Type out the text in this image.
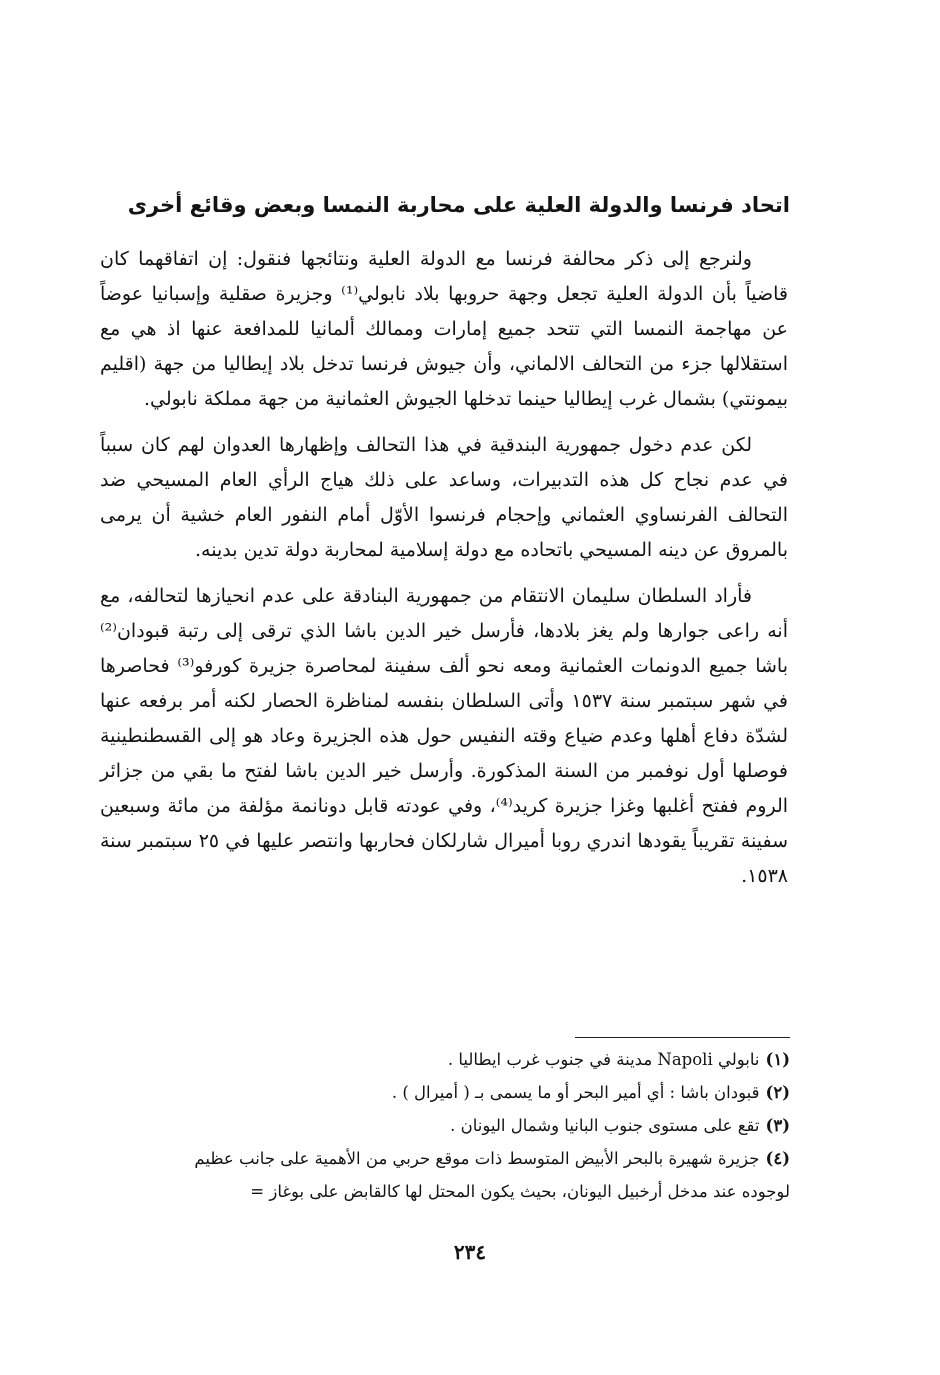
اتحاد فرنسا والدولة العلية على محاربة النمسا وبعض وقائع أخرى

ولنرجع إلى ذكر محالفة فرنسا مع الدولة العلية ونتائجها فنقول: إن اتفاقهما كان قاضياً بأن الدولة العلية تجعل وجهة حروبها بلاد نابولي⁽¹⁾ وجزيرة صقلية وإسبانيا عوضاً عن مهاجمة النمسا التي تتحد جميع إمارات وممالك ألمانيا للمدافعة عنها اذ هي مع استقلالها جزء من التحالف الالماني، وأن جيوش فرنسا تدخل بلاد إيطاليا من جهة (اقليم بيمونتي) بشمال غرب إيطاليا حينما تدخلها الجيوش العثمانية من جهة مملكة نابولي.

لكن عدم دخول جمهورية البندقية في هذا التحالف وإظهارها العدوان لهم كان سبباً في عدم نجاح كل هذه التدبيرات، وساعد على ذلك هياج الرأي العام المسيحي ضد التحالف الفرنساوي العثماني وإحجام فرنسوا الأوّل أمام النفور العام خشية أن يرمى بالمروق عن دينه المسيحي باتحاده مع دولة إسلامية لمحاربة دولة تدين بدينه.

فأراد السلطان سليمان الانتقام من جمهورية البنادقة على عدم انحيازها لتحالفه، مع أنه راعى جوارها ولم يغز بلادها، فأرسل خير الدين باشا الذي ترقى إلى رتبة قبودان⁽²⁾ باشا جميع الدونمات العثمانية ومعه نحو ألف سفينة لمحاصرة جزيرة كورفو⁽³⁾ فحاصرها في شهر سبتمبر سنة ١٥٣٧ وأتى السلطان بنفسه لمناظرة الحصار لكنه أمر برفعه عنها لشدّة دفاع أهلها وعدم ضياع وقته النفيس حول هذه الجزيرة وعاد هو إلى القسطنطينية فوصلها أول نوفمبر من السنة المذكورة. وأرسل خير الدين باشا لفتح ما بقي من جزائر الروم ففتح أغلبها وغزا جزيرة كريد⁽⁴⁾، وفي عودته قابل دونانمة مؤلفة من مائة وسبعين سفينة تقريباً يقودها اندري روبا أميرال شارلكان فحاربها وانتصر عليها في ٢٥ سبتمبر سنة ١٥٣٨.

(١)نابولي Napoli مدينة في جنوب غرب ايطاليا .

(٢)قبودان باشا : أي أمير البحر أو ما يسمى بـ ( أميرال ) .

(٣)تقع على مستوى جنوب البانيا وشمال اليونان .

(٤)جزيرة شهيرة بالبحر الأبيض المتوسط ذات موقع حربي من الأهمية على جانب عظيم

لوجوده عند مدخل أرخبيل اليونان، بحيث يكون المحتل لها كالقابض على بوغاز =

٢٣٤
